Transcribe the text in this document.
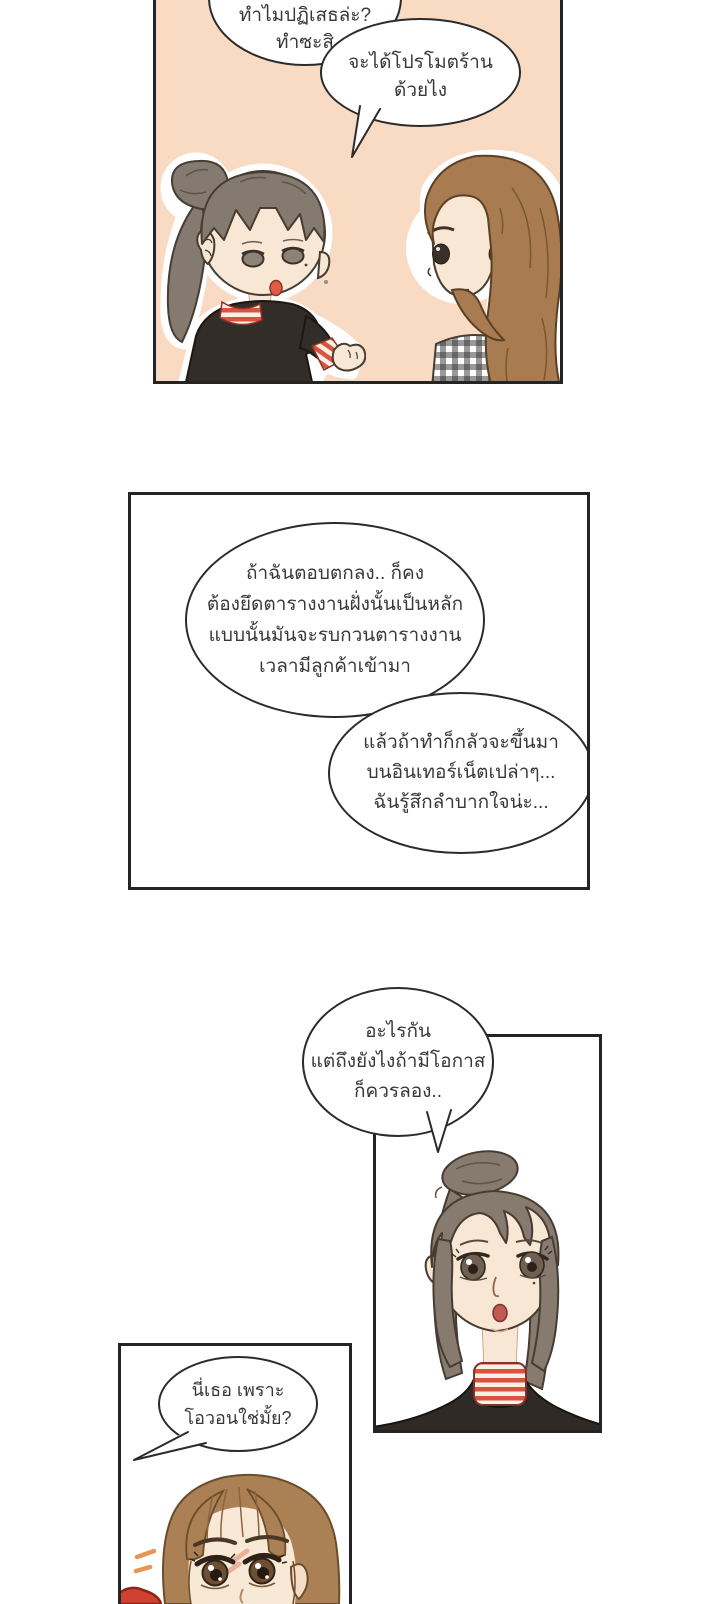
ทำไมปฏิเสธล่ะ?
ทำซะสิ
จะได้โปรโมตร้าน
ด้วยไง
ถ้าฉันตอบตกลง.. ก็คง
ต้องยึดตารางงานฝั่งนั้นเป็นหลัก
แบบนั้นมันจะรบกวนตารางงาน
เวลามีลูกค้าเข้ามา
แล้วถ้าทำก็กลัวจะขึ้นมา
บนอินเทอร์เน็ตเปล่าๆ...
ฉันรู้สึกลำบากใจน่ะ...
อะไรกัน
แต่ถึงยังไงถ้ามีโอกาส
ก็ควรลอง..
นี่เธอ เพราะ
โอวอนใช่มั้ย?
